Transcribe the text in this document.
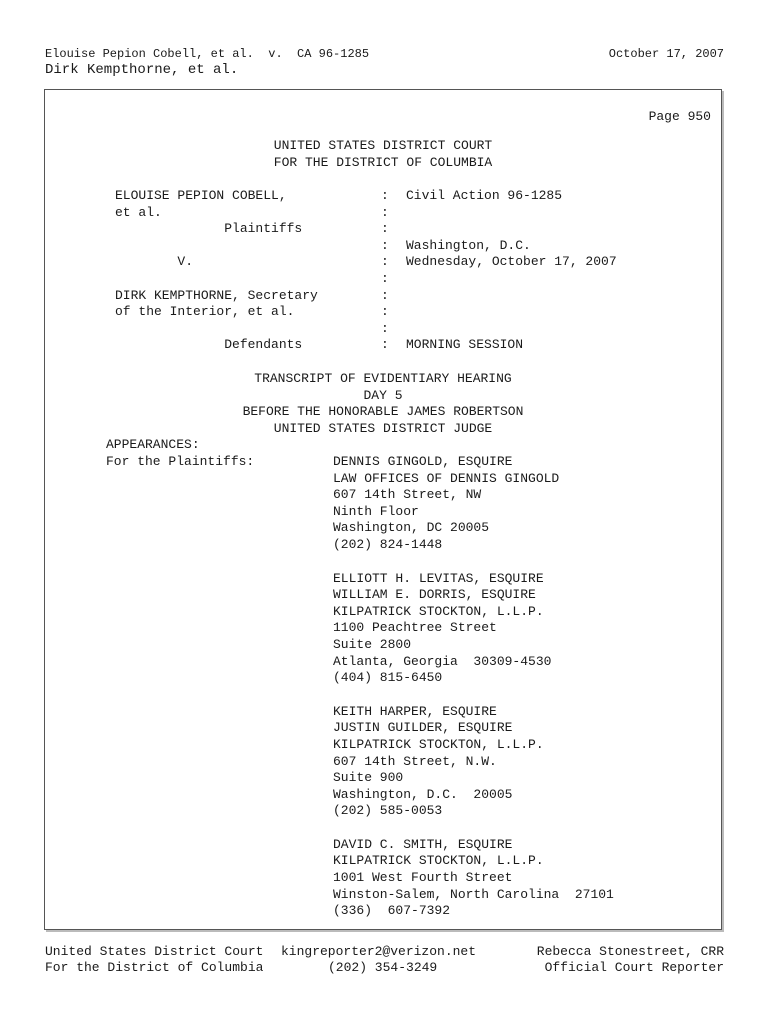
Elouise Pepion Cobell, et al.  v.  CA 96-1285
Dirk Kempthorne, et al.
October 17, 2007
Page 950
UNITED STATES DISTRICT COURT
FOR THE DISTRICT OF COLUMBIA
ELOUISE PEPION COBELL,
et al.
Plaintiffs
V.
DIRK KEMPTHORNE, Secretary
of the Interior, et al.
Defendants
:
:
:
:
:
:
:
:
:
:
Civil Action 96-1285
Washington, D.C.
Wednesday, October 17, 2007
MORNING SESSION
TRANSCRIPT OF EVIDENTIARY HEARING
DAY 5
BEFORE THE HONORABLE JAMES ROBERTSON
UNITED STATES DISTRICT JUDGE
APPEARANCES:
For the Plaintiffs:	DENNIS GINGOLD, ESQUIRE
LAW OFFICES OF DENNIS GINGOLD
607 14th Street, NW
Ninth Floor
Washington, DC 20005
(202) 824-1448
ELLIOTT H. LEVITAS, ESQUIRE
WILLIAM E. DORRIS, ESQUIRE
KILPATRICK STOCKTON, L.L.P.
1100 Peachtree Street
Suite 2800
Atlanta, Georgia  30309-4530
(404) 815-6450
KEITH HARPER, ESQUIRE
JUSTIN GUILDER, ESQUIRE
KILPATRICK STOCKTON, L.L.P.
607 14th Street, N.W.
Suite 900
Washington, D.C.  20005
(202) 585-0053
DAVID C. SMITH, ESQUIRE
KILPATRICK STOCKTON, L.L.P.
1001 West Fourth Street
Winston-Salem, North Carolina  27101
(336)  607-7392
United States District Court
For the District of Columbia
kingreporter2@verizon.net
(202) 354-3249
Rebecca Stonestreet, CRR
Official Court Reporter
